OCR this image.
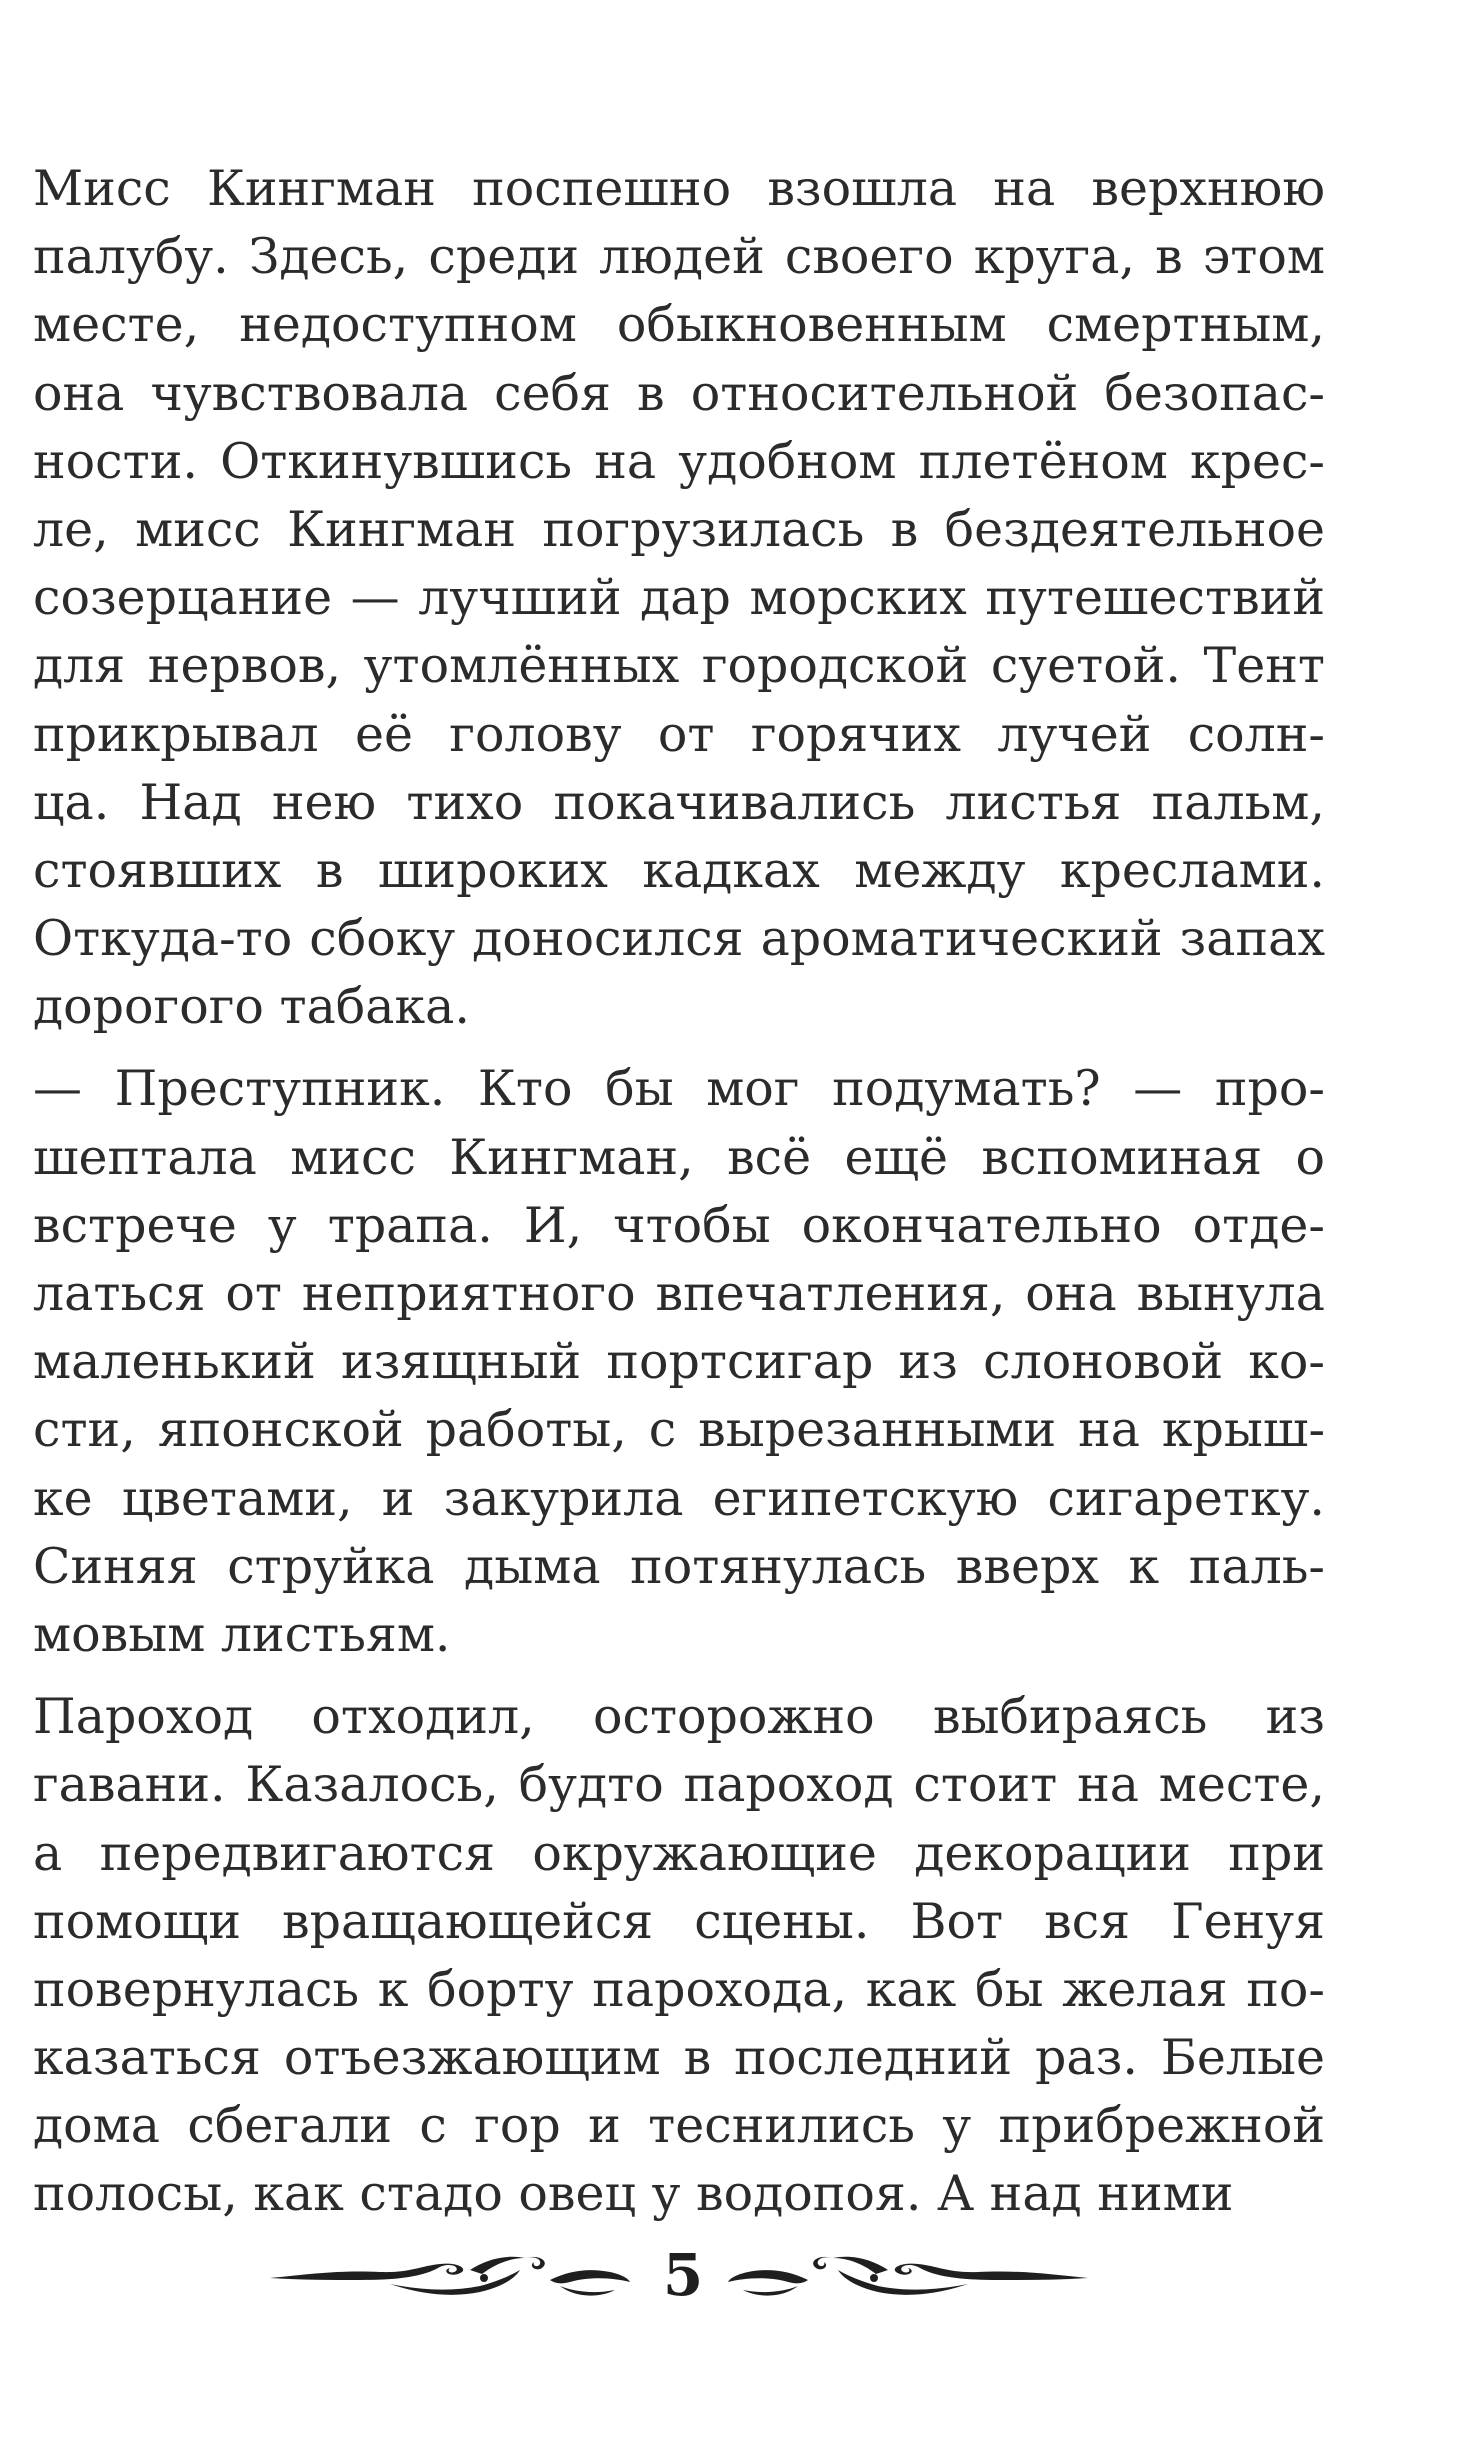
Мисс Кингман поспешно взошла на верхнюю
палубу. Здесь, среди людей своего круга, в этом
месте, недоступном обыкновенным смертным,
она чувствовала себя в относительной безопас-
ности. Откинувшись на удобном плетёном крес-
ле, мисс Кингман погрузилась в бездеятельное
созерцание — лучший дар морских путешествий
для нервов, утомлённых городской суетой. Тент
прикрывал её голову от горячих лучей солн-
ца. Над нею тихо покачивались листья пальм,
стоявших в широких кадках между креслами.
Откуда-то сбоку доносился ароматический запах
дорогого табака.
— Преступник. Кто бы мог подумать? — про-
шептала мисс Кингман, всё ещё вспоминая о
встрече у трапа. И, чтобы окончательно отде-
латься от неприятного впечатления, она вынула
маленький изящный портсигар из слоновой ко-
сти, японской работы, с вырезанными на крыш-
ке цветами, и закурила египетскую сигаретку.
Синяя струйка дыма потянулась вверх к паль-
мовым листьям.
Пароход отходил, осторожно выбираясь из
гавани. Казалось, будто пароход стоит на месте,
а передвигаются окружающие декорации при
помощи вращающейся сцены. Вот вся Генуя
повернулась к борту парохода, как бы желая по-
казаться отъезжающим в последний раз. Белые
дома сбегали с гор и теснились у прибрежной
полосы, как стадо овец у водопоя. А над ними
5
